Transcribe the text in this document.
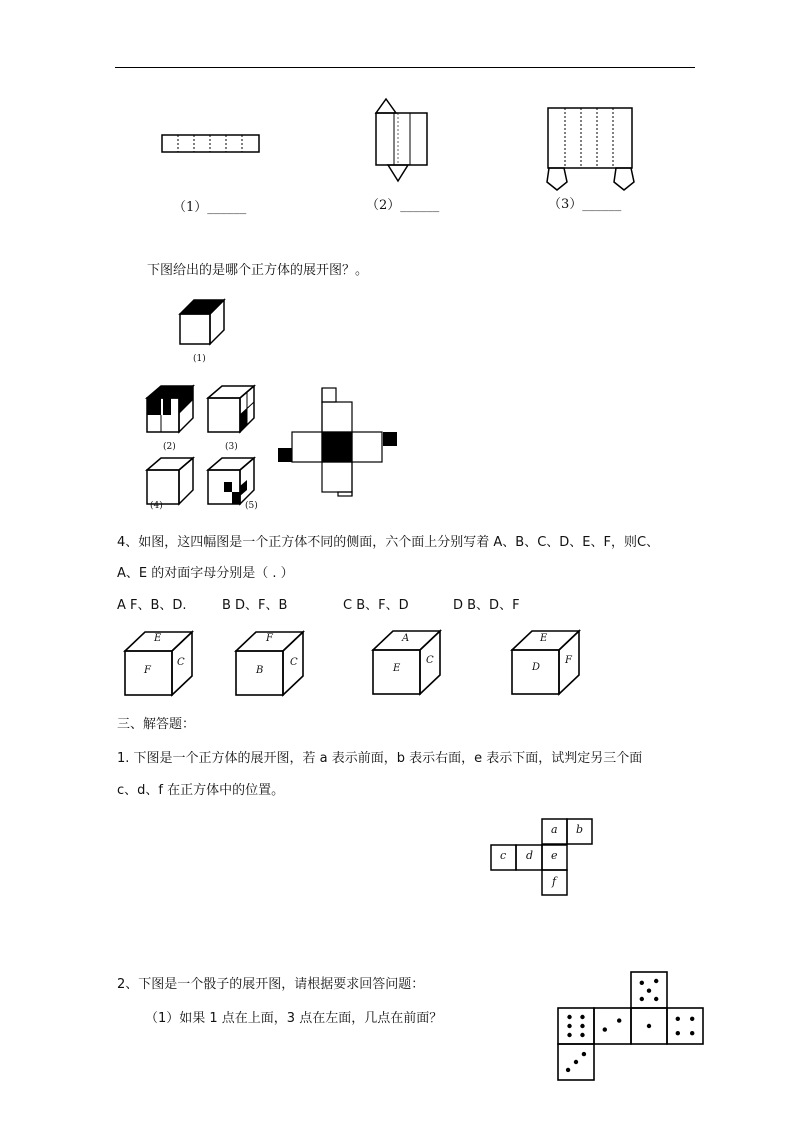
（1）______	（2）______	（3）______
下图给出的是哪个正方体的展开图？。
(1)
(2)	(3)
(4)	(5)
4、如图，这四幅图是一个正方体不同的侧面，六个面上分别写着 A、B、C、D、E、F，则C、
A、E 的对面字母分别是（ . ）
A F、B、D.	B D、F、B	C B、F、D	D B、D、F
E
F
C
F
B
C
A
E
C
E
D
F
三、解答题：
1. 下图是一个正方体的展开图，若 a 表示前面，b 表示右面，e 表示下面，试判定另三个面
c、d、f 在正方体中的位置。
a b
c d e
f
2、下图是一个骰子的展开图，请根据要求回答问题：
（1）如果 1 点在上面，3 点在左面，几点在前面？
